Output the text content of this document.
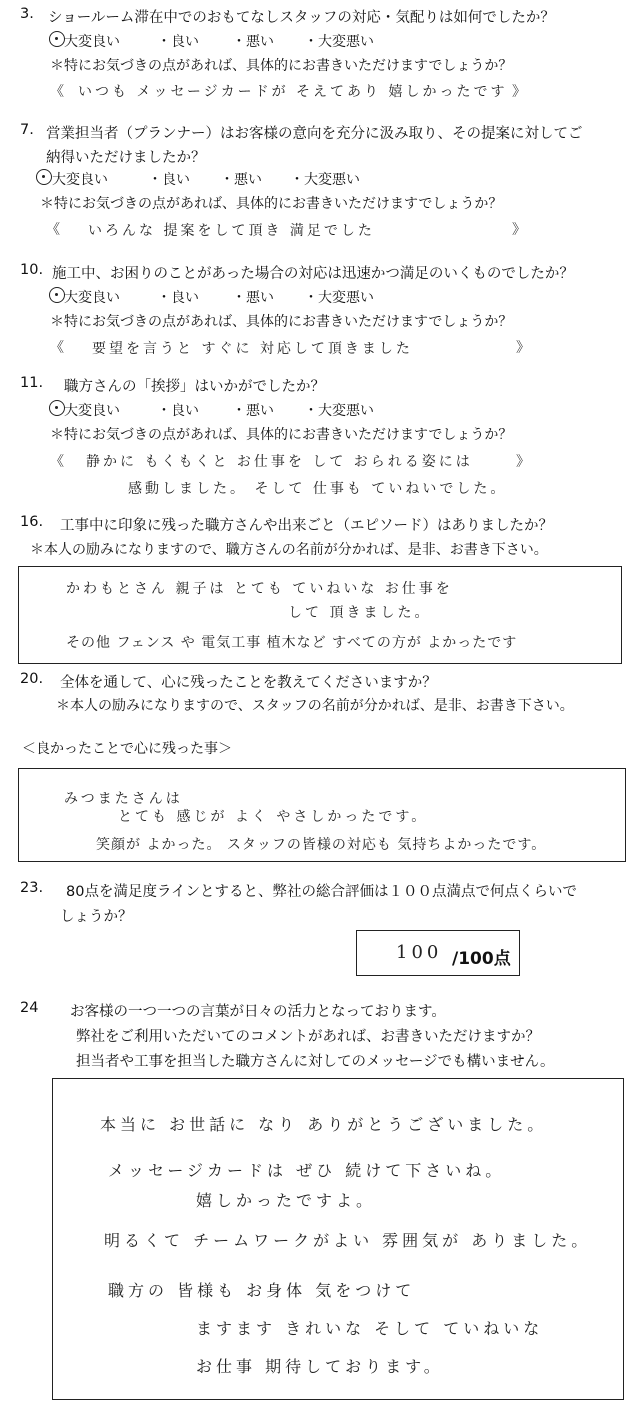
3. ショールーム滞在中でのおもてなしスタッフの対応・気配りは如何でしたか？
大変良い	・良い ・悪い ・大変悪い
＊特にお気づきの点があれば、具体的にお書きいただけますでしょうか？
《 いつも メッセージカードが そえてあり 嬉しかったです 》
7. 営業担当者（プランナー）はお客様の意向を充分に汲み取り、その提案に対してご
納得いただけましたか？
大変良い	・良い ・悪い ・大変悪い
＊特にお気づきの点があれば、具体的にお書きいただけますでしょうか？
《 いろんな 提案をして頂き 満足でした	》
10. 施工中、お困りのことがあった場合の対応は迅速かつ満足のいくものでしたか？
大変良い	・良い ・悪い ・大変悪い
＊特にお気づきの点があれば、具体的にお書きいただけますでしょうか？
《 要望を言うと すぐに 対応して頂きました	》
11. 職方さんの「挨拶」はいかがでしたか？
大変良い	・良い ・悪い ・大変悪い
＊特にお気づきの点があれば、具体的にお書きいただけますでしょうか？
《 静かに もくもくと お仕事を して おられる姿には	》
感動しました。 そして 仕事も ていねいでした。
16. 工事中に印象に残った職方さんや出来ごと（エピソード）はありましたか？
＊本人の励みになりますので、職方さんの名前が分かれば、是非、お書き下さい。
かわもとさん 親子は とても ていねいな お仕事を
して 頂きました。
その他 フェンス や 電気工事 植木など すべての方が よかったです
20. 全体を通して、心に残ったことを教えてくださいますか？
＊本人の励みになりますので、スタッフの名前が分かれば、是非、お書き下さい。
＜良かったことで心に残った事＞
みつまたさんは
とても 感じが よく やさしかったです。
笑顔が よかった。 スタッフの皆様の対応も 気持ちよかったです。
23. 80点を満足度ラインとすると、弊社の総合評価は１００点満点で何点くらいで
しょうか？
100 /100点
24 お客様の一つ一つの言葉が日々の活力となっております。
弊社をご利用いただいてのコメントがあれば、お書きいただけますか？
担当者や工事を担当した職方さんに対してのメッセージでも構いません。
本当に お世話に なり ありがとうございました。
メッセージカードは ぜひ 続けて下さいね。
嬉しかったですよ。
明るくて チームワークがよい 雰囲気が ありました。
職方の 皆様も お身体 気をつけて
ますます きれいな そして ていねいな
お仕事 期待しております。
